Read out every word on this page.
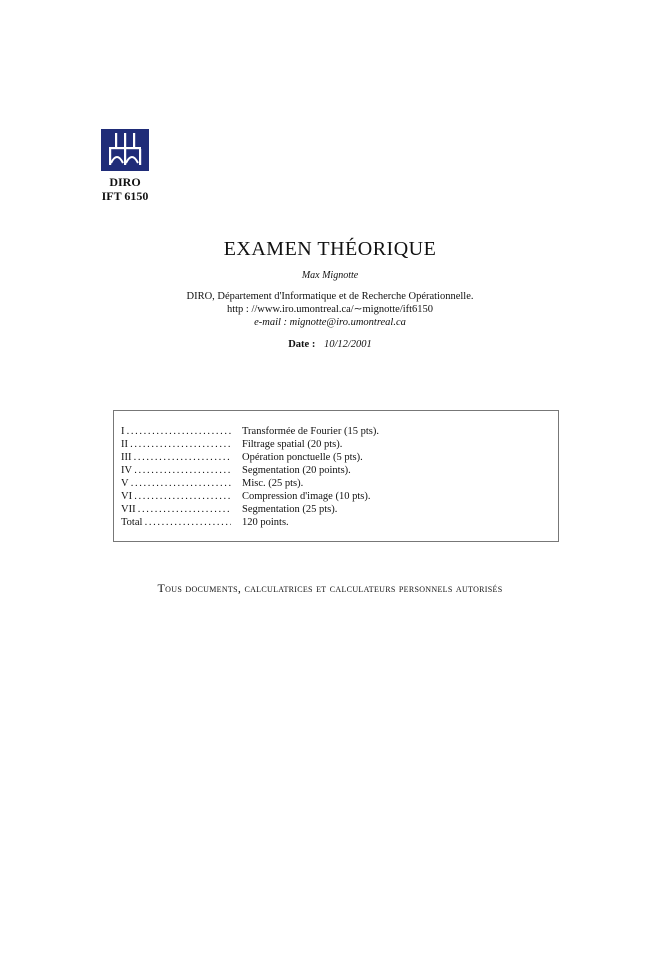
DIRO
IFT 6150
EXAMEN THÉORIQUE
Max Mignotte
DIRO, Département d'Informatique et de Recherche Opérationnelle.
http : //www.iro.umontreal.ca/∼mignotte/ift6150
e-mail : mignotte@iro.umontreal.ca
Date : 10/12/2001
I . . .	Transformée de Fourier (15 pts).
II . . .	Filtrage spatial (20 pts).
III . . .	Opération ponctuelle (5 pts).
IV . . .	Segmentation (20 points).
V . . .	Misc. (25 pts).
VI . . .	Compression d'image (10 pts).
VII . . .	Segmentation (25 pts).
Total . . .	120 points.
Tous documents, calculatrices et calculateurs personnels autorisés
